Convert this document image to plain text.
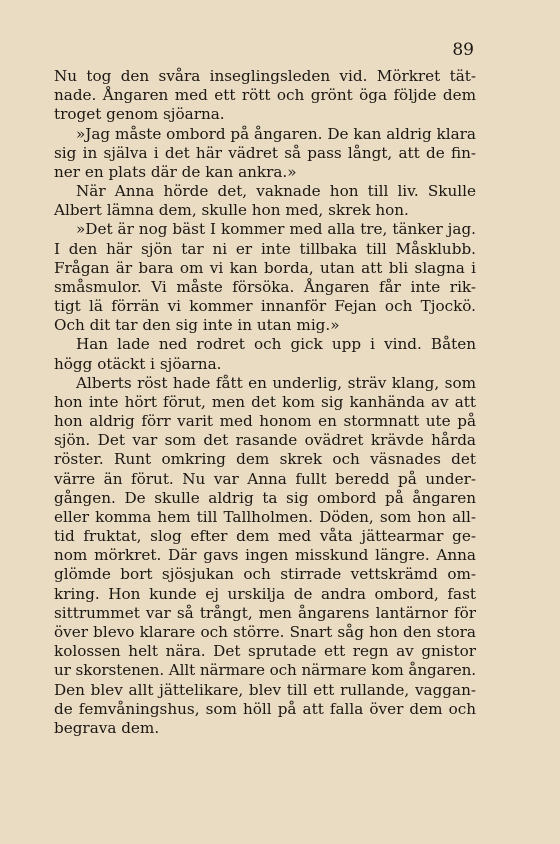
89
Nu tog den svåra inseglingsleden vid. Mörkret tät-
nade. Ångaren med ett rött och grönt öga följde dem
troget genom sjöarna.
»Jag måste ombord på ångaren. De kan aldrig klara
sig in själva i det här vädret så pass långt, att de fin-
ner en plats där de kan ankra.»
När Anna hörde det, vaknade hon till liv. Skulle
Albert lämna dem, skulle hon med, skrek hon.
»Det är nog bäst I kommer med alla tre, tänker jag.
I den här sjön tar ni er inte tillbaka till Måsklubb.
Frågan är bara om vi kan borda, utan att bli slagna i
småsmulor. Vi måste försöka. Ångaren får inte rik-
tigt lä förrän vi kommer innanför Fejan och Tjockö.
Och dit tar den sig inte in utan mig.»
Han lade ned rodret och gick upp i vind. Båten
högg otäckt i sjöarna.
Alberts röst hade fått en underlig, sträv klang, som
hon inte hört förut, men det kom sig kanhända av att
hon aldrig förr varit med honom en stormnatt ute på
sjön. Det var som det rasande ovädret krävde hårda
röster. Runt omkring dem skrek och väsnades det
värre än förut. Nu var Anna fullt beredd på under-
gången. De skulle aldrig ta sig ombord på ångaren
eller komma hem till Tallholmen. Döden, som hon all-
tid fruktat, slog efter dem med våta jättearmar ge-
nom mörkret. Där gavs ingen misskund längre. Anna
glömde bort sjösjukan och stirrade vettskrämd om-
kring. Hon kunde ej urskilja de andra ombord, fast
sittrummet var så trångt, men ångarens lantärnor för
över blevo klarare och större. Snart såg hon den stora
kolossen helt nära. Det sprutade ett regn av gnistor
ur skorstenen. Allt närmare och närmare kom ångaren.
Den blev allt jättelikare, blev till ett rullande, vaggan-
de femvåningshus, som höll på att falla över dem och
begrava dem.
